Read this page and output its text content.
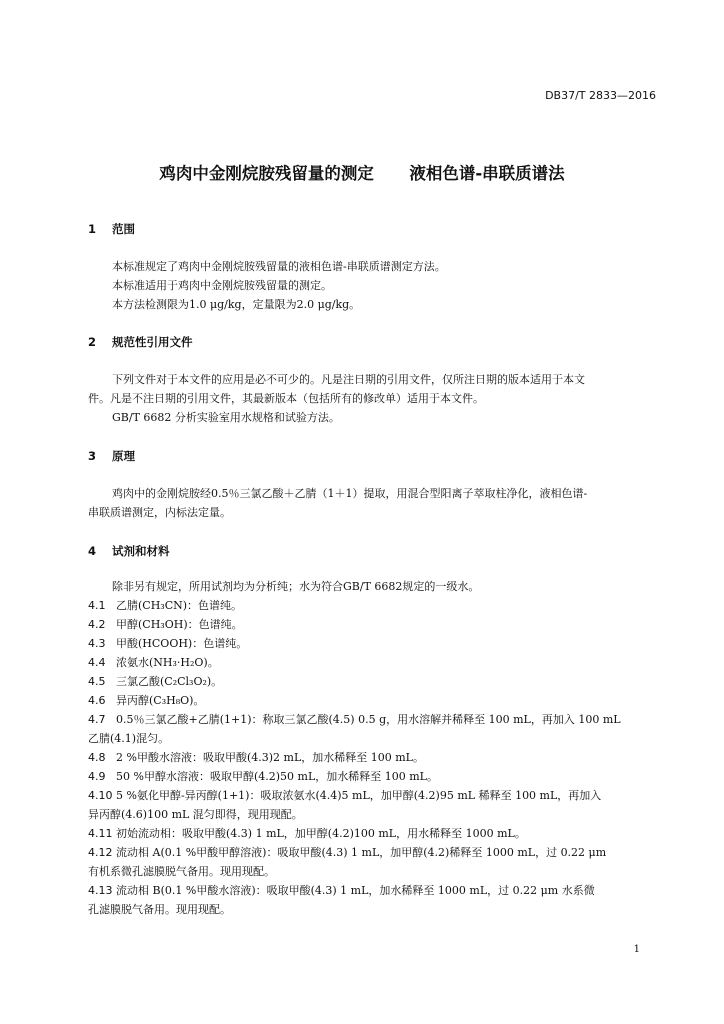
DB37/T 2833—2016
鸡肉中金刚烷胺残留量的测定  液相色谱-串联质谱法
1 范围
本标准规定了鸡肉中金刚烷胺残留量的液相色谱-串联质谱测定方法。
本标准适用于鸡肉中金刚烷胺残留量的测定。
本方法检测限为1.0 μg/kg，定量限为2.0 μg/kg。
2 规范性引用文件
下列文件对于本文件的应用是必不可少的。凡是注日期的引用文件，仅所注日期的版本适用于本文
件。凡是不注日期的引用文件，其最新版本（包括所有的修改单）适用于本文件。
GB/T 6682 分析实验室用水规格和试验方法。
3 原理
鸡肉中的金刚烷胺经0.5％三氯乙酸＋乙腈（1＋1）提取，用混合型阳离子萃取柱净化，液相色谱-
串联质谱测定，内标法定量。
4 试剂和材料
除非另有规定，所用试剂均为分析纯；水为符合GB/T 6682规定的一级水。
4.1 乙腈(CH₃CN)：色谱纯。
4.2 甲醇(CH₃OH)：色谱纯。
4.3 甲酸(HCOOH)：色谱纯。
4.4 浓氨水(NH₃·H₂O)。
4.5 三氯乙酸(C₂Cl₃O₂)。
4.6 异丙醇(C₃H₈O)。
4.7 0.5％三氯乙酸+乙腈(1+1)：称取三氯乙酸(4.5) 0.5 g，用水溶解并稀释至 100 mL，再加入 100 mL
乙腈(4.1)混匀。
4.8 2 %甲酸水溶液：吸取甲酸(4.3)2 mL，加水稀释至 100 mL。
4.9 50 %甲醇水溶液：吸取甲醇(4.2)50 mL，加水稀释至 100 mL。
4.10 5 %氨化甲醇-异丙醇(1+1)：吸取浓氨水(4.4)5 mL，加甲醇(4.2)95 mL 稀释至 100 mL，再加入
异丙醇(4.6)100 mL 混匀即得，现用现配。
4.11 初始流动相：吸取甲酸(4.3) 1 mL，加甲醇(4.2)100 mL，用水稀释至 1000 mL。
4.12 流动相 A(0.1 %甲酸甲醇溶液)：吸取甲酸(4.3) 1 mL，加甲醇(4.2)稀释至 1000 mL，过 0.22 μm
有机系微孔滤膜脱气备用。现用现配。
4.13 流动相 B(0.1 %甲酸水溶液)：吸取甲酸(4.3) 1 mL，加水稀释至 1000 mL，过 0.22 μm 水系微
孔滤膜脱气备用。现用现配。
1
